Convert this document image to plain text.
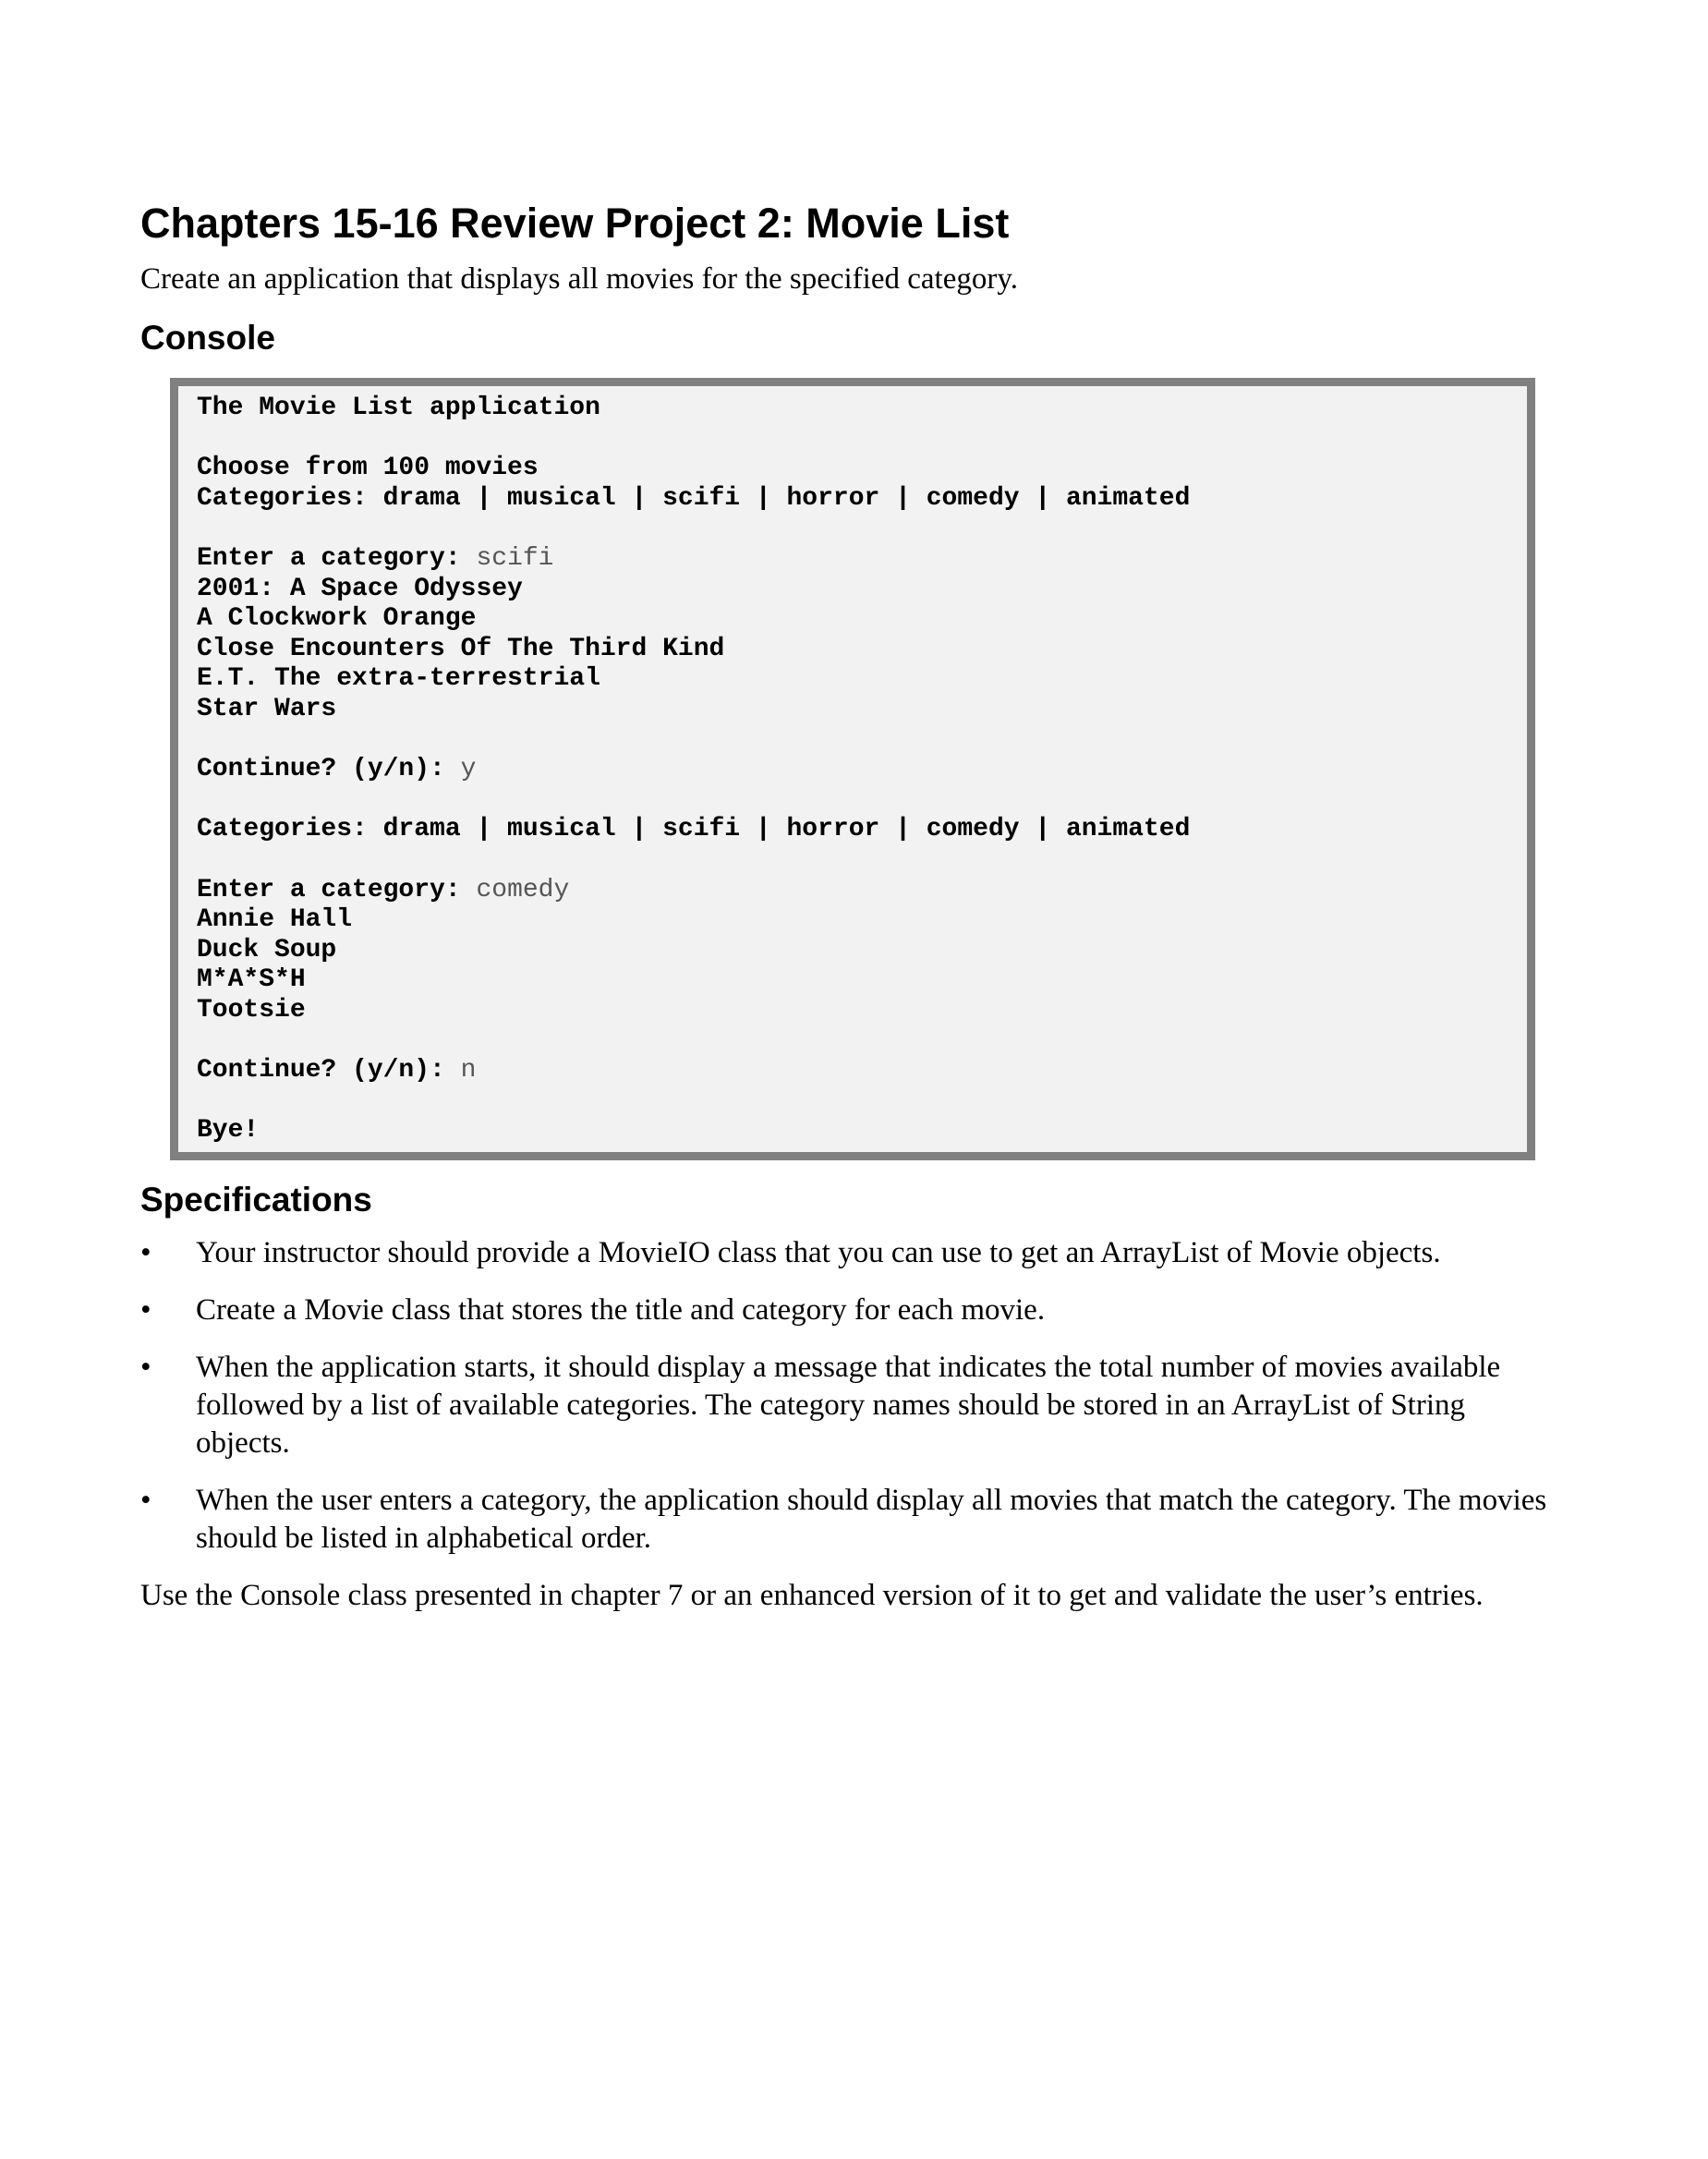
Chapters 15-16 Review Project 2: Movie List

Create an application that displays all movies for the specified category.

Console
The Movie List application
Choose from 100 movies
Categories: drama | musical | scifi | horror | comedy | animated
Enter a category: scifi
2001: A Space Odyssey
A Clockwork Orange
Close Encounters Of The Third Kind
E.T. The extra-terrestrial
Star Wars
Continue? (y/n): y
Categories: drama | musical | scifi | horror | comedy | animated
Enter a category: comedy
Annie Hall
Duck Soup
M*A*S*H
Tootsie
Continue? (y/n): n
Bye!
Specifications
• Your instructor should provide a MovieIO class that you can use to get an ArrayList of Movie objects.
• Create a Movie class that stores the title and category for each movie.
• When the application starts, it should display a message that indicates the total number of movies available followed by a list of available categories. The category names should be stored in an ArrayList of String objects.
• When the user enters a category, the application should display all movies that match the category. The movies should be listed in alphabetical order.

Use the Console class presented in chapter 7 or an enhanced version of it to get and validate the user’s entries.
